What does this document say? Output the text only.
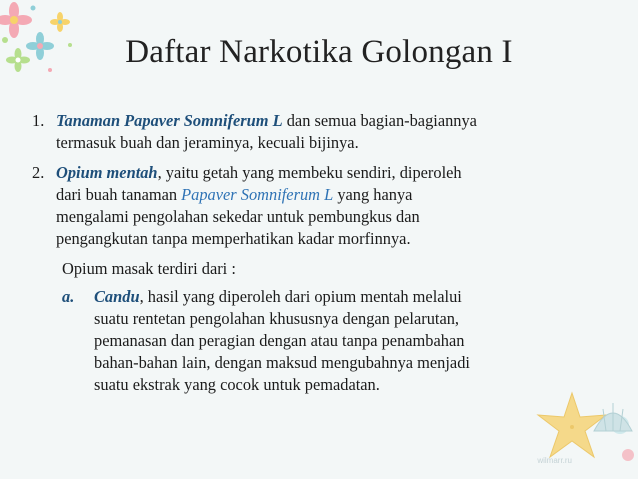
Daftar Narkotika Golongan I
1. Tanaman Papaver Somniferum L dan semua bagian-bagiannya
termasuk buah dan jeraminya, kecuali bijinya.
2. Opium mentah, yaitu getah yang membeku sendiri, diperoleh
dari buah tanaman Papaver Somniferum L yang hanya
mengalami pengolahan sekedar untuk pembungkus dan
pengangkutan tanpa memperhatikan kadar morfinnya.
Opium masak terdiri dari :
a. Candu, hasil yang diperoleh dari opium mentah melalui
suatu rentetan pengolahan khususnya dengan pelarutan,
pemanasan dan peragian dengan atau tanpa penambahan
bahan-bahan lain, dengan maksud mengubahnya menjadi
suatu ekstrak yang cocok untuk pemadatan.
wilmarr.ru
